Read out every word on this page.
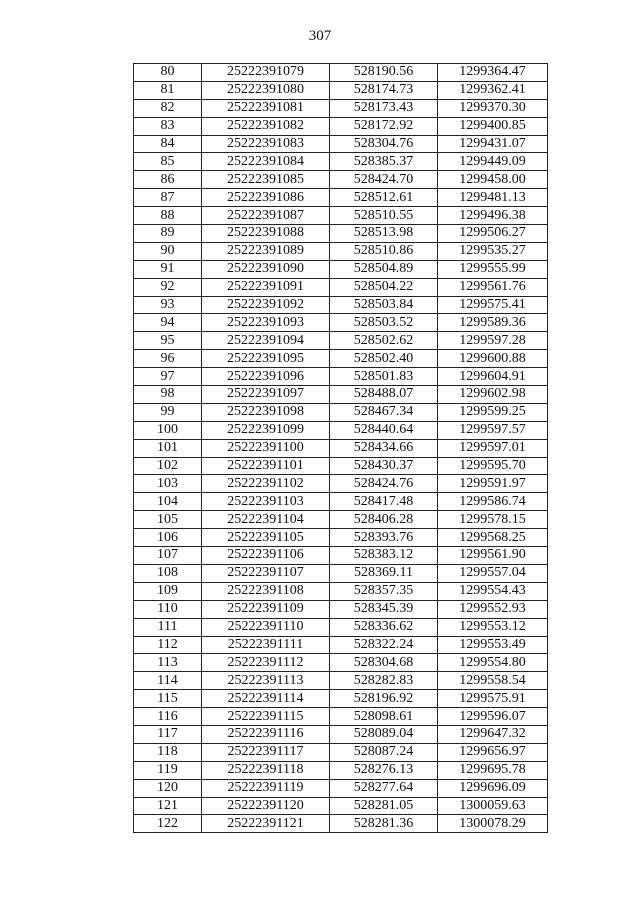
307
80	25222391079	528190.56	1299364.47
81	25222391080	528174.73	1299362.41
82	25222391081	528173.43	1299370.30
83	25222391082	528172.92	1299400.85
84	25222391083	528304.76	1299431.07
85	25222391084	528385.37	1299449.09
86	25222391085	528424.70	1299458.00
87	25222391086	528512.61	1299481.13
88	25222391087	528510.55	1299496.38
89	25222391088	528513.98	1299506.27
90	25222391089	528510.86	1299535.27
91	25222391090	528504.89	1299555.99
92	25222391091	528504.22	1299561.76
93	25222391092	528503.84	1299575.41
94	25222391093	528503.52	1299589.36
95	25222391094	528502.62	1299597.28
96	25222391095	528502.40	1299600.88
97	25222391096	528501.83	1299604.91
98	25222391097	528488.07	1299602.98
99	25222391098	528467.34	1299599.25
100	25222391099	528440.64	1299597.57
101	25222391100	528434.66	1299597.01
102	25222391101	528430.37	1299595.70
103	25222391102	528424.76	1299591.97
104	25222391103	528417.48	1299586.74
105	25222391104	528406.28	1299578.15
106	25222391105	528393.76	1299568.25
107	25222391106	528383.12	1299561.90
108	25222391107	528369.11	1299557.04
109	25222391108	528357.35	1299554.43
110	25222391109	528345.39	1299552.93
111	25222391110	528336.62	1299553.12
112	25222391111	528322.24	1299553.49
113	25222391112	528304.68	1299554.80
114	25222391113	528282.83	1299558.54
115	25222391114	528196.92	1299575.91
116	25222391115	528098.61	1299596.07
117	25222391116	528089.04	1299647.32
118	25222391117	528087.24	1299656.97
119	25222391118	528276.13	1299695.78
120	25222391119	528277.64	1299696.09
121	25222391120	528281.05	1300059.63
122	25222391121	528281.36	1300078.29
